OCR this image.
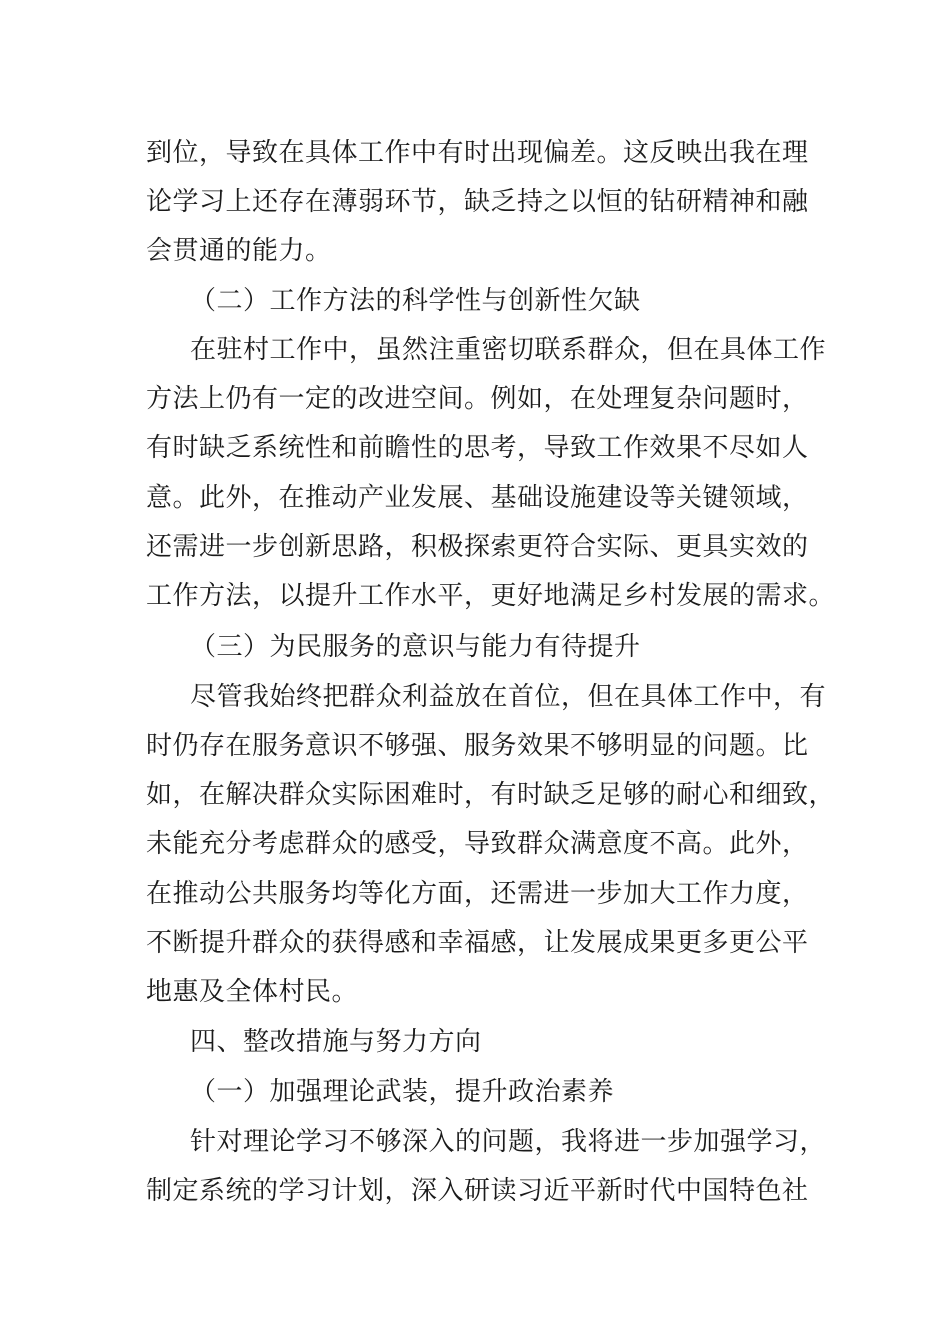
到位，导致在具体工作中有时出现偏差。这反映出我在理
论学习上还存在薄弱环节，缺乏持之以恒的钻研精神和融
会贯通的能力。
（二）工作方法的科学性与创新性欠缺
在驻村工作中，虽然注重密切联系群众，但在具体工作
方法上仍有一定的改进空间。例如，在处理复杂问题时，
有时缺乏系统性和前瞻性的思考，导致工作效果不尽如人
意。此外，在推动产业发展、基础设施建设等关键领域，
还需进一步创新思路，积极探索更符合实际、更具实效的
工作方法，以提升工作水平，更好地满足乡村发展的需求。
（三）为民服务的意识与能力有待提升
尽管我始终把群众利益放在首位，但在具体工作中，有
时仍存在服务意识不够强、服务效果不够明显的问题。比
如，在解决群众实际困难时，有时缺乏足够的耐心和细致，
未能充分考虑群众的感受，导致群众满意度不高。此外，
在推动公共服务均等化方面，还需进一步加大工作力度，
不断提升群众的获得感和幸福感，让发展成果更多更公平
地惠及全体村民。
四、整改措施与努力方向
（一）加强理论武装，提升政治素养
针对理论学习不够深入的问题，我将进一步加强学习，
制定系统的学习计划，深入研读习近平新时代中国特色社
